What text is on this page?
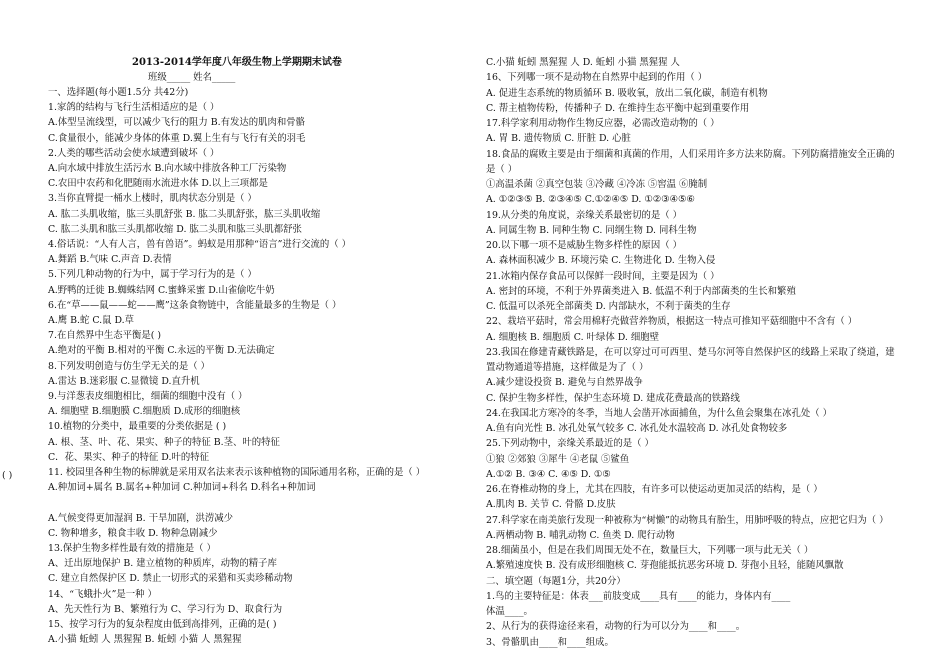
2013-2014学年度八年级生物上学期期末试卷
班级_____ 姓名_____
一、选择题(每小题1.5分 共42分)
1.家鸽的结构与飞行生活相适应的是（ ）
A.体型呈流线型，可以减少飞行的阻力 B.有发达的肌肉和骨骼
C.食量很小，能减少身体的体重 D.翼上生有与飞行有关的羽毛
2.人类的哪些活动会使水域遭到破坏（ ）
A.向水域中排放生活污水 B.向水域中排放各种工厂污染物
C.农田中农药和化肥随雨水流进水体 D.以上三项都是
3.当你直臂提一桶水上楼时，肌肉状态分别是（ ）
A. 肱二头肌收缩，肱三头肌舒张 B. 肱二头肌舒张，肱三头肌收缩
C. 肱二头肌和肱三头肌都收缩 D. 肱二头肌和肱三头肌都舒张
4.俗话说：“人有人言，兽有兽语”。蚂蚁是用那种“语言”进行交流的（ ）
A.舞蹈 B.气味 C.声音 D.表情
5.下列几种动物的行为中，属于学习行为的是（ ）
A.野鸭的迁徙 B.蜘蛛结网 C.蜜蜂采蜜 D.山雀偷吃牛奶
6.在“草——鼠——蛇——鹰”这条食物链中，含能量最多的生物是（ ）
A.鹰 B.蛇 C.鼠 D.草
7.在自然界中生态平衡是( )
A.绝对的平衡 B.相对的平衡 C.永远的平衡 D.无法确定
8.下列发明创造与仿生学无关的是（ ）
A.雷达 B.迷彩服 C.显微镜 D.直升机
9.与洋葱表皮细胞相比，细菌的细胞中没有（ ）
A. 细胞壁 B.细胞膜 C.细胞质 D.成形的细胞核
10.植物的分类中，最重要的分类依据是 ( )
A. 根、茎、叶、花、果实、种子的特征 B.茎、叶的特征
C．花、果实、种子的特征 D.叶的特征
11. 校园里各种生物的标牌就是采用双名法来表示该种植物的国际通用名称，正确的是（ ）
A.种加词+属名 B.属名+种加词 C.种加词+科名 D.科名+种加词
A.气候变得更加湿润 B. 干旱加剧，洪涝减少
C. 物种增多，粮食丰收 D. 物种急剧减少
13.保护生物多样性最有效的措施是（ ）
A、迁出原地保护 B. 建立植物的种质库，动物的精子库
C. 建立自然保护区 D. 禁止一切形式的采猎和买卖珍稀动物
14、“飞蛾扑火”是一种 ）
A、先天性行为 B、繁殖行为 C、学习行为 D、取食行为
15、按学习行为的复杂程度由低到高排列，正确的是( )
A.小猫 蚯蚓 人 黑猩猩 B. 蚯蚓 小猫 人 黑猩猩
C.小猫 蚯蚓 黑猩猩 人 D. 蚯蚓 小猫 黑猩猩 人
16、下列哪一项不是动物在自然界中起到的作用（ ）
A. 促进生态系统的物质循环 B. 吸收氧，放出二氧化碳，制造有机物
C. 帮主植物传粉，传播种子 D. 在维持生态平衡中起到重要作用
17.科学家利用动物作生物反应器，必需改造动物的（ ）
A. 胃 B. 遗传物质 C. 肝脏 D. 心脏
18.食品的腐败主要是由于细菌和真菌的作用，人们采用许多方法来防腐。下列防腐措施安全正确的
是（ ）
①高温杀菌 ②真空包装 ③冷藏 ④冷冻 ⑤窖温 ⑥腌制
A. ①②③⑤ B. ②③④⑤ C.①②④⑤ D. ①②③④⑤⑥
19.从分类的角度说，亲缘关系最密切的是（ ）
A. 同属生物 B. 同种生物 C. 同纲生物 D. 同科生物
20.以下哪一项不是威胁生物多样性的原因（ ）
A. 森林面积减少 B. 环境污染 C. 生物进化 D. 生物入侵
21.冰箱内保存食品可以保鲜一段时间，主要是因为（ ）
A. 密封的环境，不利于外界菌类进入 B. 低温不利于内部菌类的生长和繁殖
C. 低温可以杀死全部菌类 D. 内部缺水，不利于菌类的生存
22、栽培平菇时，常会用棉籽壳做营养物质，根据这一特点可推知平菇细胞中不含有（ ）
A. 细胞核 B. 细胞质 C. 叶绿体 D. 细胞壁
23.我国在修建青藏铁路是，在可以穿过可可西里、楚马尔河等自然保护区的线路上采取了绕道，建
置动物通道等措施，这样做是为了（ ）
A.减少建设投资 B. 避免与自然界战争
C. 保护生物多样性，保护生态环境 D. 建成花费最高的铁路线
24.在我国北方寒冷的冬季，当地人会凿开冰面捕鱼，为什么鱼会聚集在冰孔处（ ）
A.鱼有向光性 B. 冰孔处氧气较多 C. 冰孔处水温较高 D. 冰孔处食物较多
25.下列动物中，亲缘关系最近的是（ ）
①狼 ②郊狼 ③犀牛 ④老鼠 ⑤鲨鱼
A.①② B. ③④ C. ④⑤ D. ①⑤
26.在脊椎动物的身上，尤其在四肢，有许多可以使运动更加灵活的结构，是（ ）
A.肌肉 B. 关节 C. 骨骼 D.皮肤
27.科学家在南美旅行发现一种被称为“树懒”的动物具有胎生，用肺呼吸的特点，应把它归为（ ）
A.两栖动物 B. 哺乳动物 C. 鱼类 D. 爬行动物
28.细菌虽小，但是在我们周围无处不在，数量巨大，下列哪一项与此无关（ ）
A.繁殖速度快 B. 没有成形细胞核 C. 芽孢能抵抗恶劣环境 D. 芽孢小且轻，能随风飘散
二、填空题（每题1分，共20分）
1.鸟的主要特征是：体表___前肢变成____具有____的能力，身体内有____
体温____。
2、从行为的获得途径来看，动物的行为可以分为____和____。
3、骨骼肌由____和____组成。
( )
